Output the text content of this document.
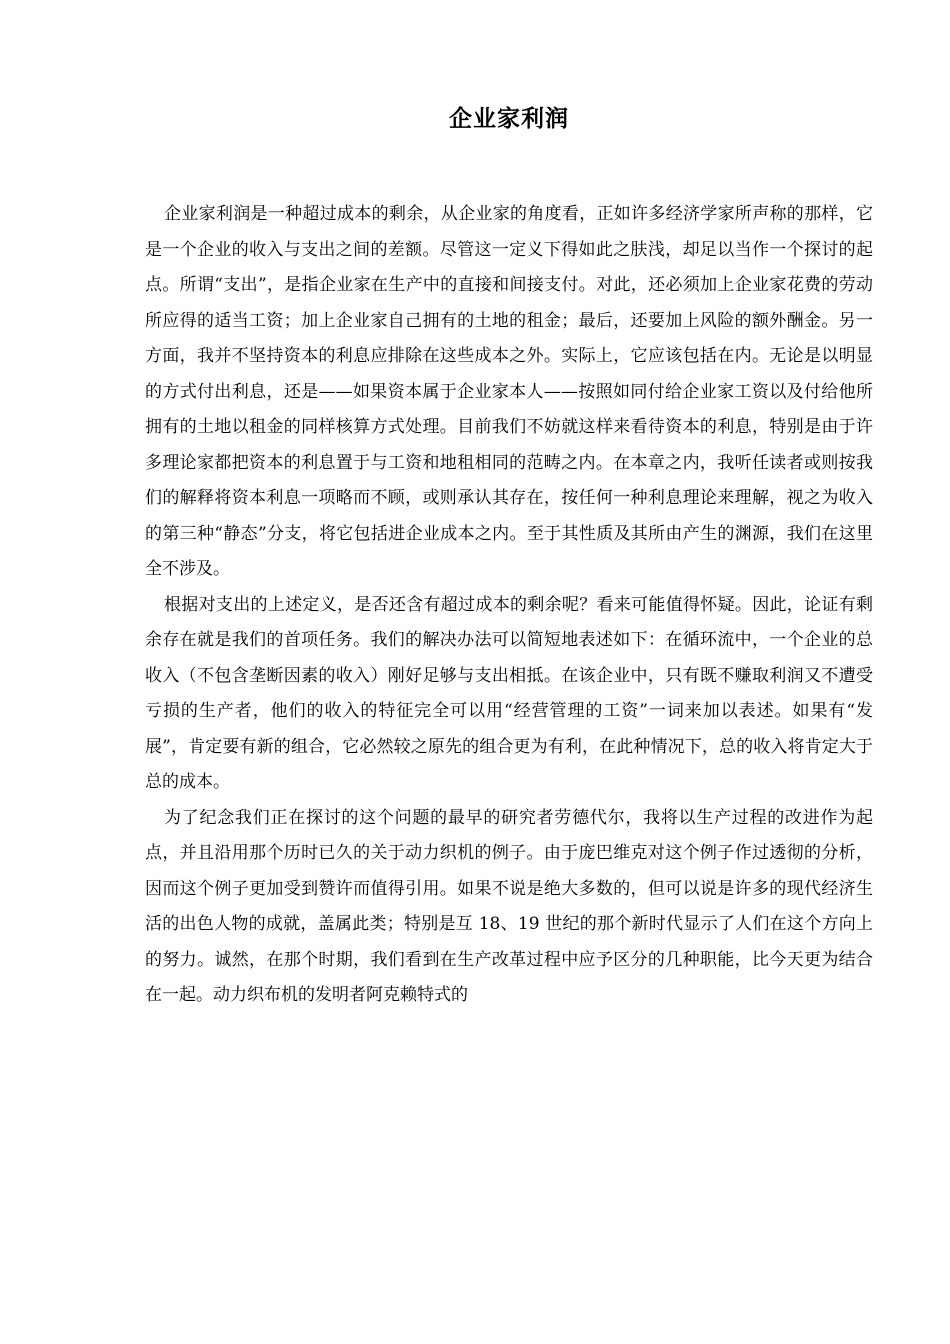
企业家利润

企业家利润是一种超过成本的剩余，从企业家的角度看，正如许多经济学家所声称的那样，它是一个企业的收入与支出之间的差额。尽管这一定义下得如此之肤浅，却足以当作一个探讨的起点。所谓“支出”，是指企业家在生产中的直接和间接支付。对此，还必须加上企业家花费的劳动所应得的适当工资；加上企业家自己拥有的土地的租金；最后，还要加上风险的额外酬金。另一方面，我并不坚持资本的利息应排除在这些成本之外。实际上，它应该包括在内。无论是以明显的方式付出利息，还是——如果资本属于企业家本人——按照如同付给企业家工资以及付给他所拥有的土地以租金的同样核算方式处理。目前我们不妨就这样来看待资本的利息，特别是由于许多理论家都把资本的利息置于与工资和地租相同的范畴之内。在本章之内，我听任读者或则按我们的解释将资本利息一项略而不顾，或则承认其存在，按任何一种利息理论来理解，视之为收入的第三种“静态”分支，将它包括进企业成本之内。至于其性质及其所由产生的渊源，我们在这里全不涉及。

根据对支出的上述定义，是否还含有超过成本的剩余呢？看来可能值得怀疑。因此，论证有剩余存在就是我们的首项任务。我们的解决办法可以简短地表述如下：在循环流中，一个企业的总收入（不包含垄断因素的收入）刚好足够与支出相抵。在该企业中，只有既不赚取利润又不遭受亏损的生产者，他们的收入的特征完全可以用“经营管理的工资”一词来加以表述。如果有“发展”，肯定要有新的组合，它必然较之原先的组合更为有利，在此种情况下，总的收入将肯定大于总的成本。

为了纪念我们正在探讨的这个问题的最早的研究者劳德代尔，我将以生产过程的改进作为起点，并且沿用那个历时已久的关于动力织机的例子。由于庞巴维克对这个例子作过透彻的分析，因而这个例子更加受到赞许而值得引用。如果不说是绝大多数的，但可以说是许多的现代经济生活的出色人物的成就，盖属此类；特别是互 18、19 世纪的那个新时代显示了人们在这个方向上的努力。诚然，在那个时期，我们看到在生产改革过程中应予区分的几种职能，比今天更为结合在一起。动力织布机的发明者阿克赖特式的
